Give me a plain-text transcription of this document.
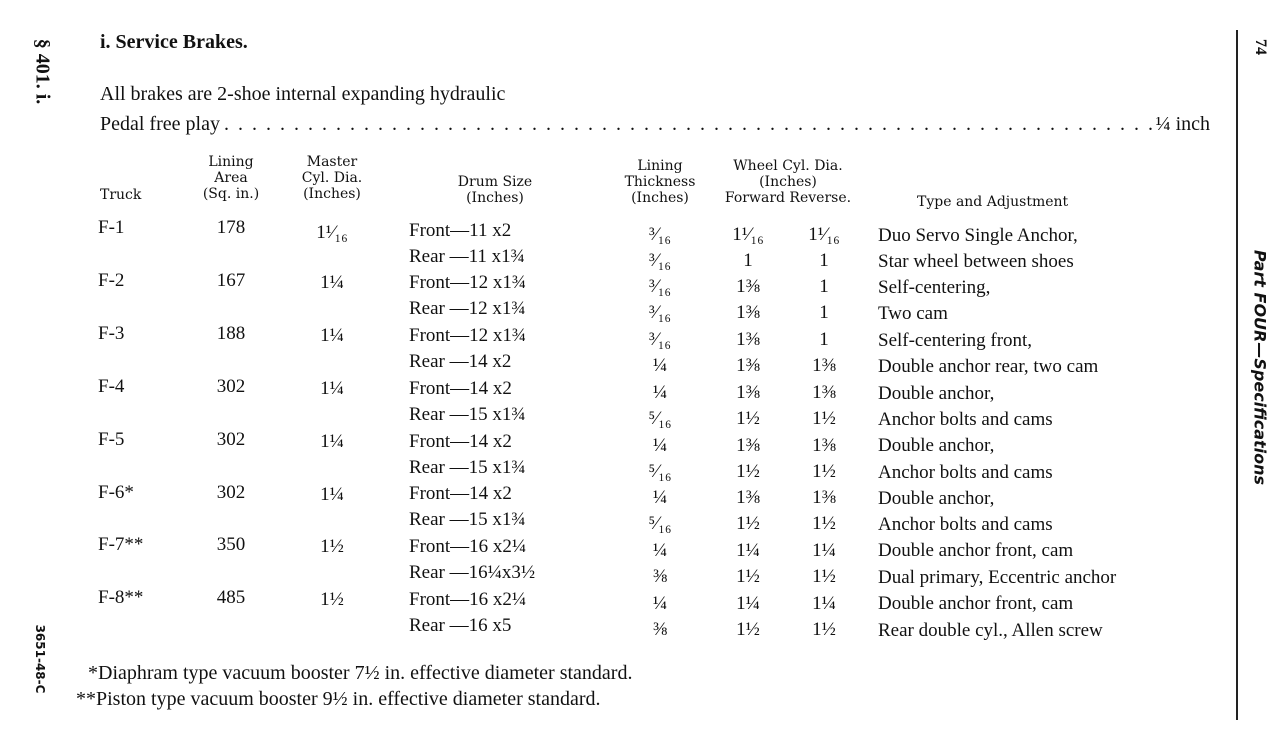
§ 401. i.
3651-48-C
74
Part FOUR—Specifications
i. Service Brakes.
All brakes are 2-shoe internal expanding hydraulic
Pedal free play
. . .	¼ inch
Truck
Lining
Area
(Sq. in.)
Master
Cyl. Dia.
(Inches)
Drum Size
(Inches)
Lining
Thickness
(Inches)
Wheel Cyl. Dia.
(Inches)
Forward Reverse.	Type and Adjustment
F-1	178	1¹⁄₁₆
F-2	167	1¼
F-3	188	1¼
F-4	302	1¼
F-5	302	1¼
F-6*	302	1¼
F-7**	350	1½
F-8**	485	1½
Front—11 x2	³⁄₁₆	1¹⁄₁₆	1¹⁄₁₆	Duo Servo Single Anchor,
Rear —11 x1¾	³⁄₁₆	1	1	Star wheel between shoes
Front—12 x1¾	³⁄₁₆	1⅜	1	Self-centering,
Rear —12 x1¾	³⁄₁₆	1⅜	1	Two cam
Front—12 x1¾	³⁄₁₆	1⅜	1	Self-centering front,
Rear —14 x2	¼	1⅜	1⅜	Double anchor rear, two cam
Front—14 x2	¼	1⅜	1⅜	Double anchor,
Rear —15 x1¾	⁵⁄₁₆	1½	1½	Anchor bolts and cams
Front—14 x2	¼	1⅜	1⅜	Double anchor,
Rear —15 x1¾	⁵⁄₁₆	1½	1½	Anchor bolts and cams
Front—14 x2	¼	1⅜	1⅜	Double anchor,
Rear —15 x1¾	⁵⁄₁₆	1½	1½	Anchor bolts and cams
Front—16 x2¼	¼	1¼	1¼	Double anchor front, cam
Rear —16¼x3½	⅜	1½	1½	Dual primary, Eccentric anchor
Front—16 x2¼	¼	1¼	1¼	Double anchor front, cam
Rear —16 x5	⅜	1½	1½	Rear double cyl., Allen screw
*Diaphram type vacuum booster 7½ in. effective diameter standard.
**Piston type vacuum booster 9½ in. effective diameter standard.
